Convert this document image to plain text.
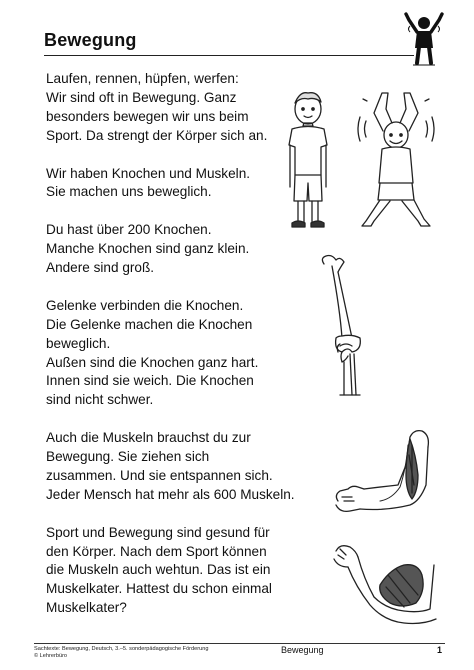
Bewegung

Laufen, rennen, hüpfen, werfen:
Wir sind oft in Bewegung. Ganz
besonders bewegen wir uns beim
Sport. Da strengt der Körper sich an.

Wir haben Knochen und Muskeln.
Sie machen uns beweglich.

Du hast über 200 Knochen.
Manche Knochen sind ganz klein.
Andere sind groß.

Gelenke verbinden die Knochen.
Die Gelenke machen die Knochen
beweglich.
Außen sind die Knochen ganz hart.
Innen sind sie weich. Die Knochen
sind nicht schwer.

Auch die Muskeln brauchst du zur
Bewegung. Sie ziehen sich
zusammen. Und sie entspannen sich.
Jeder Mensch hat mehr als 600 Muskeln.

Sport und Bewegung sind gesund für
den Körper. Nach dem Sport können
die Muskeln auch wehtun. Das ist ein
Muskelkater. Hattest du schon einmal
Muskelkater?

Sachtexte: Bewegung, Deutsch, 3.–5. sonderpädagogische Förderung
© Lehrerbüro
Bewegung	1
